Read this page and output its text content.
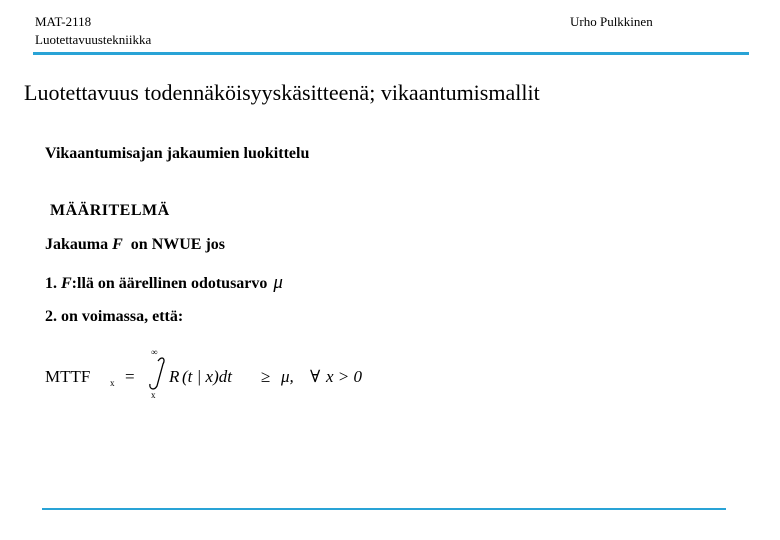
MAT-2118
Luotettavuustekniikka
Urho Pulkkinen
Luotettavuus todennäköisyyskäsitteenä; vikaantumismallit
Vikaantumisajan jakaumien luokittelu
MÄÄRITELMÄ
Jakauma F  on NWUE jos
1. F:llä on äärellinen odotusarvo μ
2. on voimassa, että:
MTTF x =
∞
x
R (t | x)dt ≥ μ, ∀ x > 0
